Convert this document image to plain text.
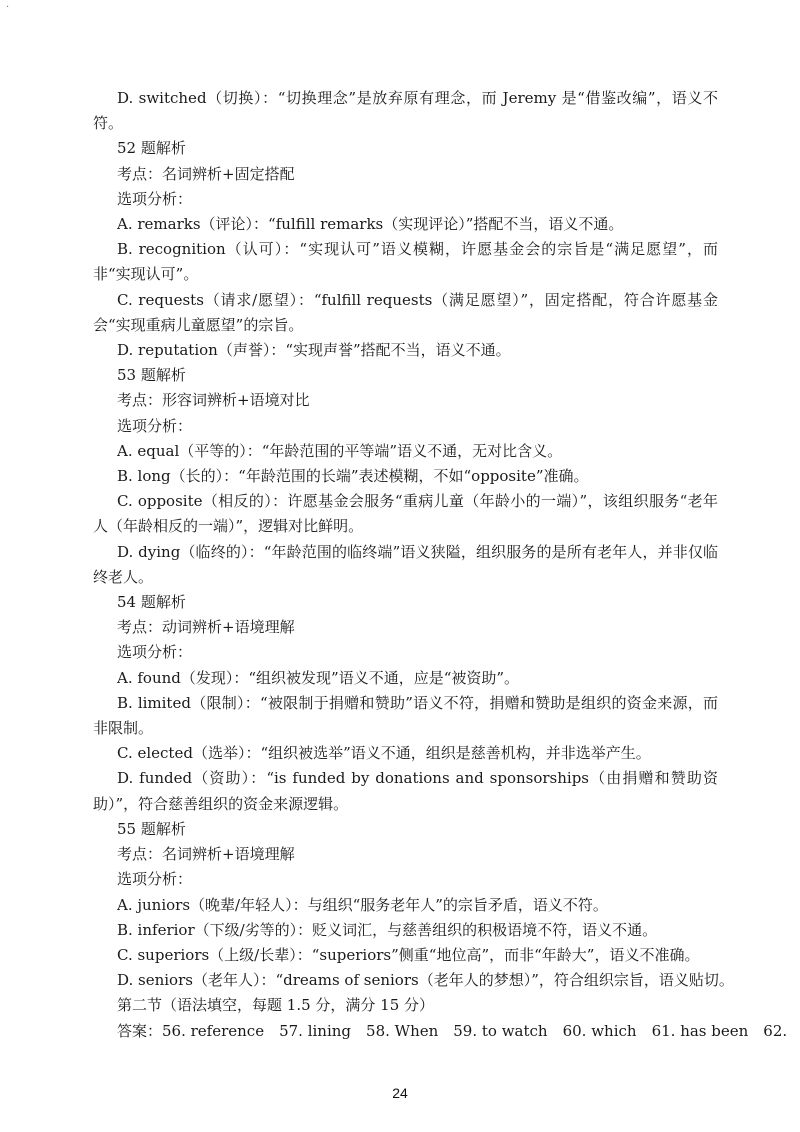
·
D. switched（切换）：“切换理念”是放弃原有理念，而 Jeremy 是“借鉴改编”，语义不符。
52 题解析
考点：名词辨析+固定搭配
选项分析：
A. remarks（评论）：“fulfill remarks（实现评论）”搭配不当，语义不通。
B. recognition（认可）：“实现认可”语义模糊，许愿基金会的宗旨是“满足愿望”，而非“实现认可”。
C. requests（请求/愿望）：“fulfill requests（满足愿望）”，固定搭配，符合许愿基金会“实现重病儿童愿望”的宗旨。
D. reputation（声誉）：“实现声誉”搭配不当，语义不通。
53 题解析
考点：形容词辨析+语境对比
选项分析：
A. equal（平等的）：“年龄范围的平等端”语义不通，无对比含义。
B. long（长的）：“年龄范围的长端”表述模糊，不如“opposite”准确。
C. opposite（相反的）：许愿基金会服务“重病儿童（年龄小的一端）”，该组织服务“老年人（年龄相反的一端）”，逻辑对比鲜明。
D. dying（临终的）：“年龄范围的临终端”语义狭隘，组织服务的是所有老年人，并非仅临终老人。
54 题解析
考点：动词辨析+语境理解
选项分析：
A. found（发现）：“组织被发现”语义不通，应是“被资助”。
B. limited（限制）：“被限制于捐赠和赞助”语义不符，捐赠和赞助是组织的资金来源，而非限制。
C. elected（选举）：“组织被选举”语义不通，组织是慈善机构，并非选举产生。
D. funded（资助）：“is funded by donations and sponsorships（由捐赠和赞助资助）”，符合慈善组织的资金来源逻辑。
55 题解析
考点：名词辨析+语境理解
选项分析：
A. juniors（晚辈/年轻人）：与组织“服务老年人”的宗旨矛盾，语义不符。
B. inferior（下级/劣等的）：贬义词汇，与慈善组织的积极语境不符，语义不通。
C. superiors（上级/长辈）：“superiors”侧重“地位高”，而非“年龄大”，语义不准确。
D. seniors（老年人）：“dreams of seniors（老年人的梦想）”，符合组织宗旨，语义贴切。
第二节（语法填空，每题 1.5 分，满分 15 分）
答案：56. reference　57. lining　58. When　59. to watch　60. which　61. has been　62.
24
